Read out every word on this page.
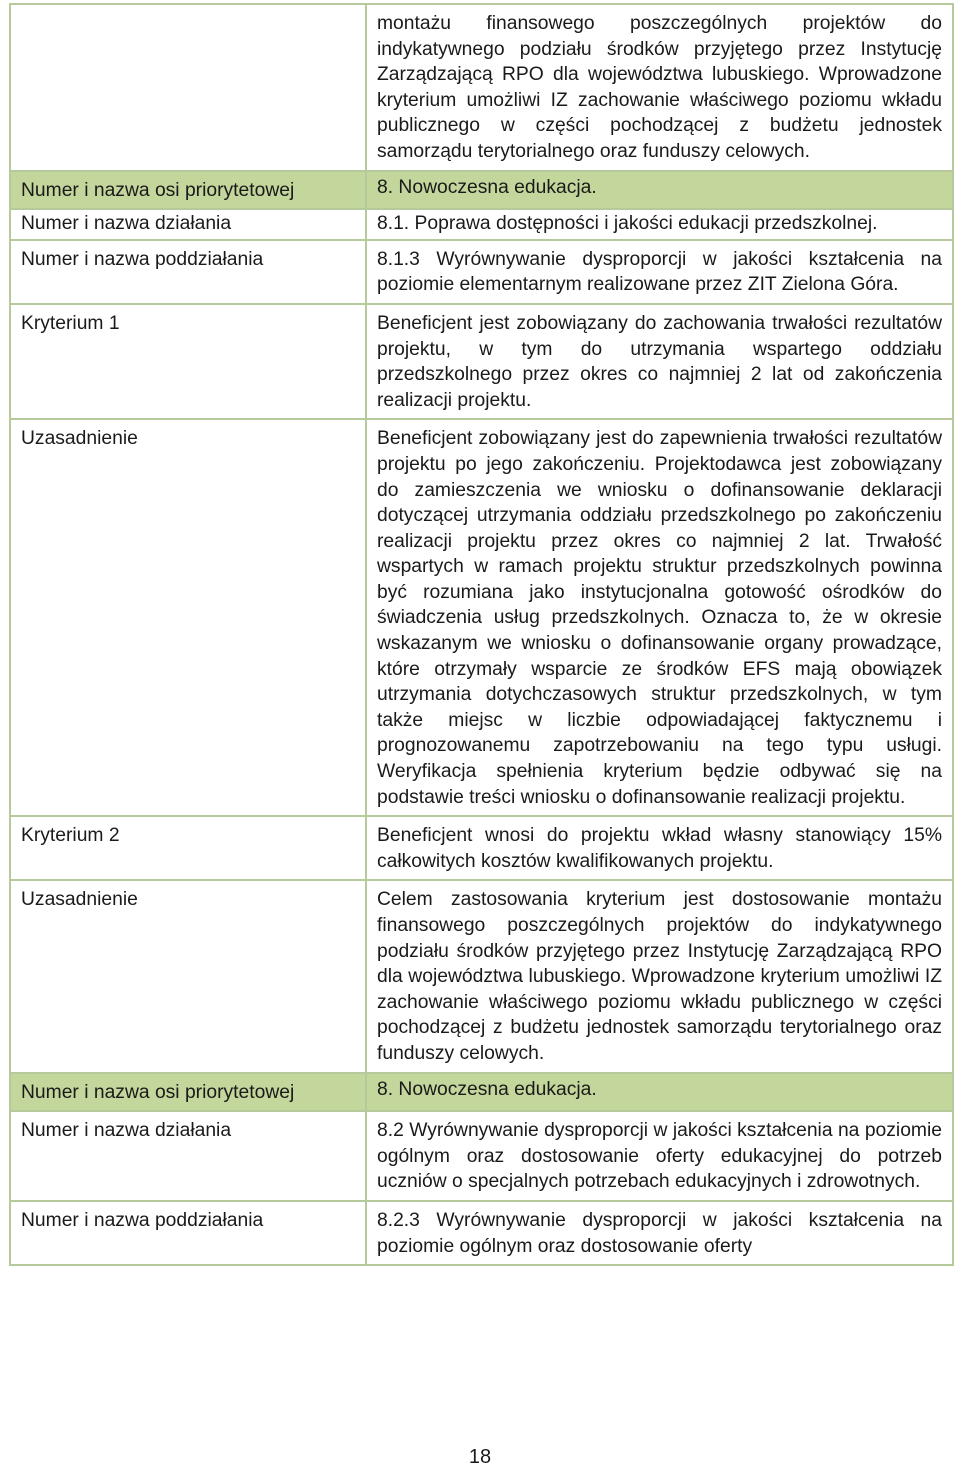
	montażu finansowego poszczególnych projektów do indykatywnego podziału środków przyjętego przez Instytucję Zarządzającą RPO dla województwa lubuskiego. Wprowadzone kryterium umożliwi IZ zachowanie właściwego poziomu wkładu publicznego w części pochodzącej z budżetu jednostek samorządu terytorialnego oraz funduszy celowych.
Numer i nazwa osi priorytetowej	8. Nowoczesna edukacja.
Numer i nazwa działania	8.1. Poprawa dostępności i jakości edukacji przedszkolnej.
Numer i nazwa poddziałania	8.1.3 Wyrównywanie dysproporcji w jakości kształcenia na poziomie elementarnym realizowane przez ZIT Zielona Góra.
Kryterium 1	Beneficjent jest zobowiązany do zachowania trwałości rezultatów projektu, w tym do utrzymania wspartego oddziału przedszkolnego przez okres co najmniej 2 lat od zakończenia realizacji projektu.
Uzasadnienie	Beneficjent zobowiązany jest do zapewnienia trwałości rezultatów projektu po jego zakończeniu. Projektodawca jest zobowiązany do zamieszczenia we wniosku o dofinansowanie deklaracji dotyczącej utrzymania oddziału przedszkolnego po zakończeniu realizacji projektu przez okres co najmniej 2 lat. Trwałość wspartych w ramach projektu struktur przedszkolnych powinna być rozumiana jako instytucjonalna gotowość ośrodków do świadczenia usług przedszkolnych. Oznacza to, że w okresie wskazanym we wniosku o dofinansowanie organy prowadzące, które otrzymały wsparcie ze środków EFS mają obowiązek utrzymania dotychczasowych struktur przedszkolnych, w tym także miejsc w liczbie odpowiadającej faktycznemu i prognozowanemu zapotrzebowaniu na tego typu usługi. Weryfikacja spełnienia kryterium będzie odbywać się na podstawie treści wniosku o dofinansowanie realizacji projektu.
Kryterium 2	Beneficjent wnosi do projektu wkład własny stanowiący 15% całkowitych kosztów kwalifikowanych projektu.
Uzasadnienie	Celem zastosowania kryterium jest dostosowanie montażu finansowego poszczególnych projektów do indykatywnego podziału środków przyjętego przez Instytucję Zarządzającą RPO dla województwa lubuskiego. Wprowadzone kryterium umożliwi IZ zachowanie właściwego poziomu wkładu publicznego w części pochodzącej z budżetu jednostek samorządu terytorialnego oraz funduszy celowych.
Numer i nazwa osi priorytetowej	8. Nowoczesna edukacja.
Numer i nazwa działania	8.2 Wyrównywanie dysproporcji w jakości kształcenia na poziomie ogólnym oraz dostosowanie oferty edukacyjnej do potrzeb uczniów o specjalnych potrzebach edukacyjnych i zdrowotnych.
Numer i nazwa poddziałania	8.2.3 Wyrównywanie dysproporcji w jakości kształcenia na poziomie ogólnym oraz dostosowanie oferty
18
